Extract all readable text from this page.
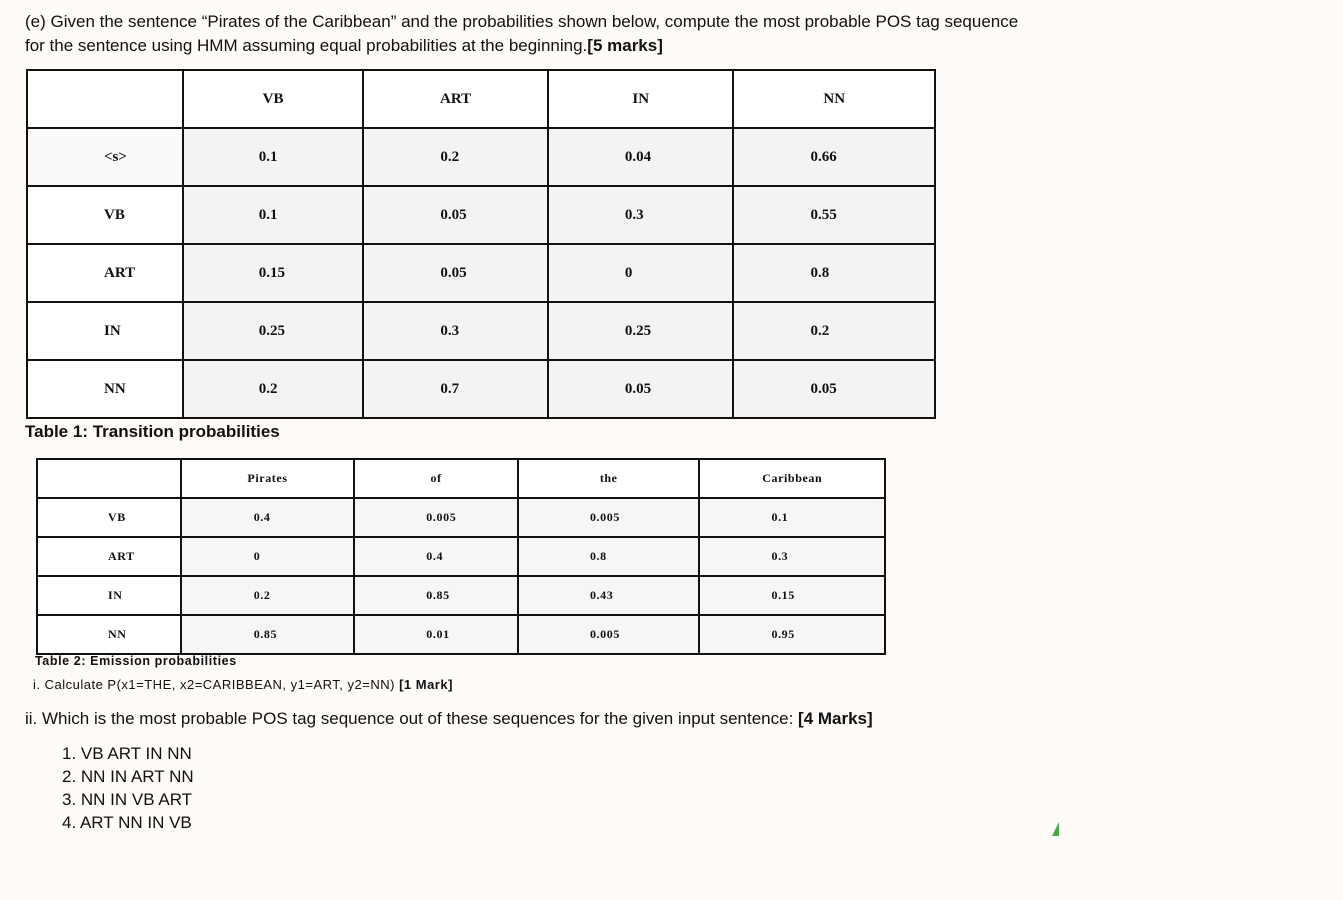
(e) Given the sentence “Pirates of the Caribbean” and the probabilities shown below, compute the most probable POS tag sequence for the sentence using HMM assuming equal probabilities at the beginning.[5 marks]

	VB	ART	IN	NN
<s>	0.1	0.2	0.04	0.66
VB	0.1	0.05	0.3	0.55
ART	0.15	0.05	0	0.8
IN	0.25	0.3	0.25	0.2
NN	0.2	0.7	0.05	0.05

Table 1: Transition probabilities

	Pirates	of	the	Caribbean
VB	0.4	0.005	0.005	0.1
ART	0	0.4	0.8	0.3
IN	0.2	0.85	0.43	0.15
NN	0.85	0.01	0.005	0.95

Table 2: Emission probabilities

i. Calculate P(x1=THE, x2=CARIBBEAN, y1=ART, y2=NN) [1 Mark]

ii. Which is the most probable POS tag sequence out of these sequences for the given input sentence: [4 Marks]

1. VB ART IN NN
2. NN IN ART NN
3. NN IN VB ART
4. ART NN IN VB
